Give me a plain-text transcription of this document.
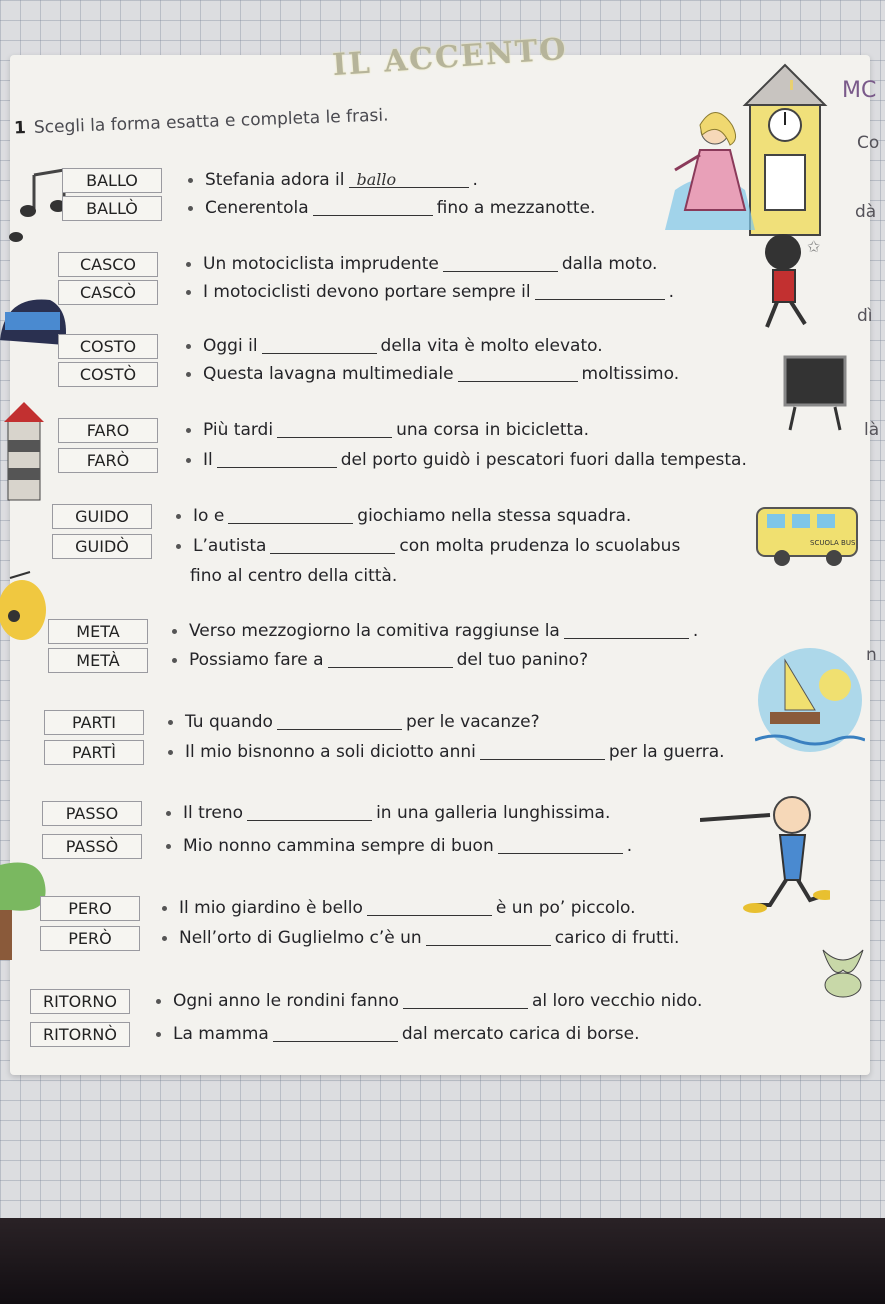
MC
Co
dà
dì
là
n
IL ACCENTO
1 Scegli la forma esatta e completa le frasi.
✩
SCUOLA BUS
BALLO
BALLÒ
Stefania adora il ballo	.
Cenerentola	fino a mezzanotte.
CASCO
CASCÒ
Un motociclista imprudente	dalla moto.
I motociclisti devono portare sempre il	.
COSTO
COSTÒ
Oggi il	della vita è molto elevato.
Questa lavagna multimediale	moltissimo.
FARO
FARÒ
Più tardi	una corsa in bicicletta.
Il	del porto guidò i pescatori fuori dalla tempesta.
GUIDO
GUIDÒ
Io e	giochiamo nella stessa squadra.
L’autista	con molta prudenza lo scuolabus
fino al centro della città.
META
METÀ
Verso mezzogiorno la comitiva raggiunse la	.
Possiamo fare a	del tuo panino?
PARTI
PARTÌ
Tu quando	per le vacanze?
Il mio bisnonno a soli diciotto anni	per la guerra.
PASSO
PASSÒ
Il treno	in una galleria lunghissima.
Mio nonno cammina sempre di buon	.
PERO
PERÒ
Il mio giardino è bello	è un po’ piccolo.
Nell’orto di Guglielmo c’è un	carico di frutti.
RITORNO
RITORNÒ
Ogni anno le rondini fanno	al loro vecchio nido.
La mamma	dal mercato carica di borse.
